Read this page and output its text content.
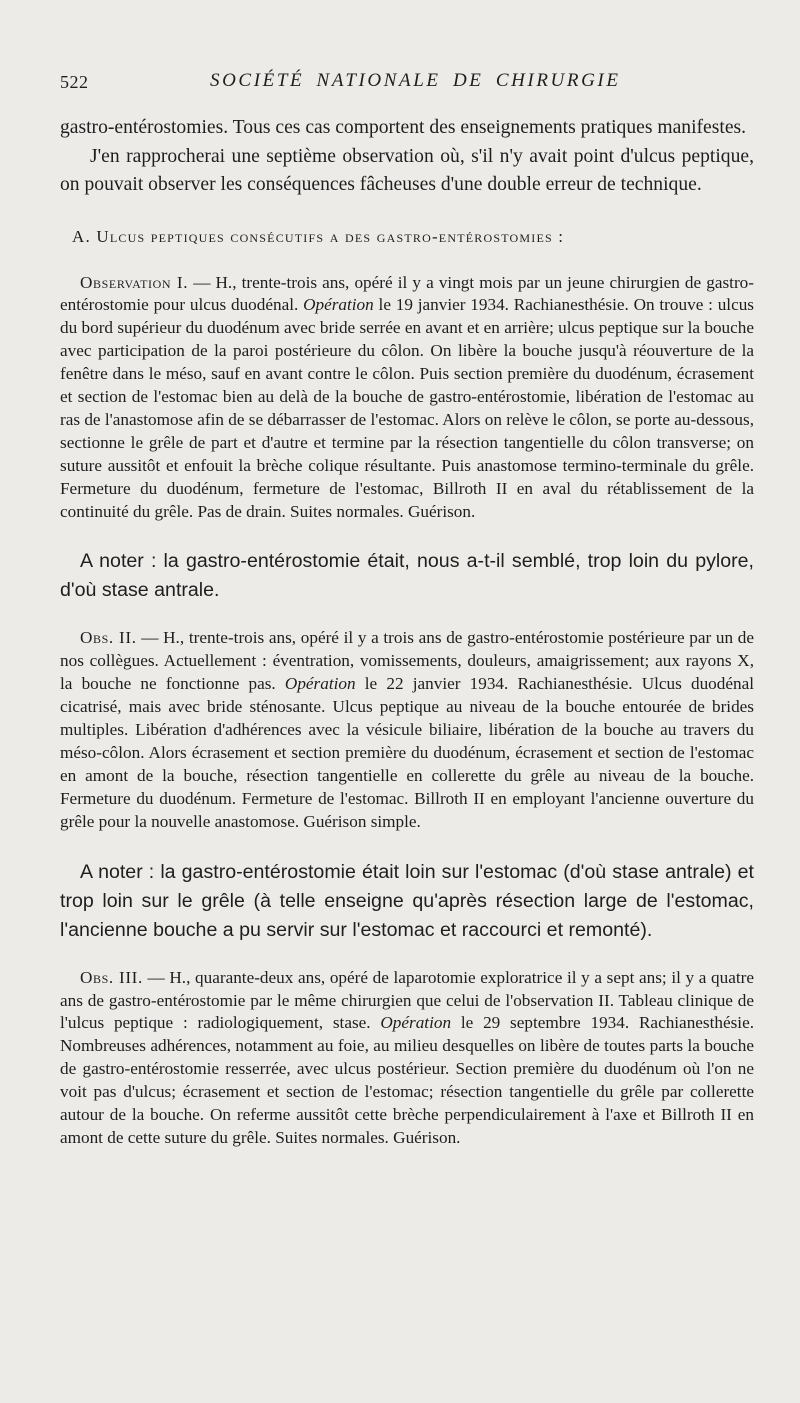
522	SOCIÉTÉ NATIONALE DE CHIRURGIE

gastro-entérostomies. Tous ces cas comportent des enseignements pratiques manifestes.

J'en rapprocherai une septième observation où, s'il n'y avait point d'ulcus peptique, on pouvait observer les conséquences fâcheuses d'une double erreur de technique.

A. Ulcus peptiques consécutifs a des gastro-entérostomies :

Observation I. — H., trente-trois ans, opéré il y a vingt mois par un jeune chirurgien de gastro-entérostomie pour ulcus duodénal. Opération le 19 janvier 1934. Rachianesthésie. On trouve : ulcus du bord supérieur du duodénum avec bride serrée en avant et en arrière; ulcus peptique sur la bouche avec participation de la paroi postérieure du côlon. On libère la bouche jusqu'à réouverture de la fenêtre dans le méso, sauf en avant contre le côlon. Puis section première du duodénum, écrasement et section de l'estomac bien au delà de la bouche de gastro-entérostomie, libération de l'estomac au ras de l'anastomose afin de se débarrasser de l'estomac. Alors on relève le côlon, se porte au-dessous, sectionne le grêle de part et d'autre et termine par la résection tangentielle du côlon transverse; on suture aussitôt et enfouit la brèche colique résultante. Puis anastomose termino-terminale du grêle. Fermeture du duodénum, fermeture de l'estomac, Billroth II en aval du rétablissement de la continuité du grêle. Pas de drain. Suites normales. Guérison.

A noter : la gastro-entérostomie était, nous a-t-il semblé, trop loin du pylore, d'où stase antrale.

Obs. II. — H., trente-trois ans, opéré il y a trois ans de gastro-entérostomie postérieure par un de nos collègues. Actuellement : éventration, vomissements, douleurs, amaigrissement; aux rayons X, la bouche ne fonctionne pas. Opération le 22 janvier 1934. Rachianesthésie. Ulcus duodénal cicatrisé, mais avec bride sténosante. Ulcus peptique au niveau de la bouche entourée de brides multiples. Libération d'adhérences avec la vésicule biliaire, libération de la bouche au travers du méso-côlon. Alors écrasement et section première du duodénum, écrasement et section de l'estomac en amont de la bouche, résection tangentielle en collerette du grêle au niveau de la bouche. Fermeture du duodénum. Fermeture de l'estomac. Billroth II en employant l'ancienne ouverture du grêle pour la nouvelle anastomose. Guérison simple.

A noter : la gastro-entérostomie était loin sur l'estomac (d'où stase antrale) et trop loin sur le grêle (à telle enseigne qu'après résection large de l'estomac, l'ancienne bouche a pu servir sur l'estomac et raccourci et remonté).

Obs. III. — H., quarante-deux ans, opéré de laparotomie exploratrice il y a sept ans; il y a quatre ans de gastro-entérostomie par le même chirurgien que celui de l'observation II. Tableau clinique de l'ulcus peptique : radiologiquement, stase. Opération le 29 septembre 1934. Rachianesthésie. Nombreuses adhérences, notamment au foie, au milieu desquelles on libère de toutes parts la bouche de gastro-entérostomie resserrée, avec ulcus postérieur. Section première du duodénum où l'on ne voit pas d'ulcus; écrasement et section de l'estomac; résection tangentielle du grêle par collerette autour de la bouche. On referme aussitôt cette brèche perpendiculairement à l'axe et Billroth II en amont de cette suture du grêle. Suites normales. Guérison.
